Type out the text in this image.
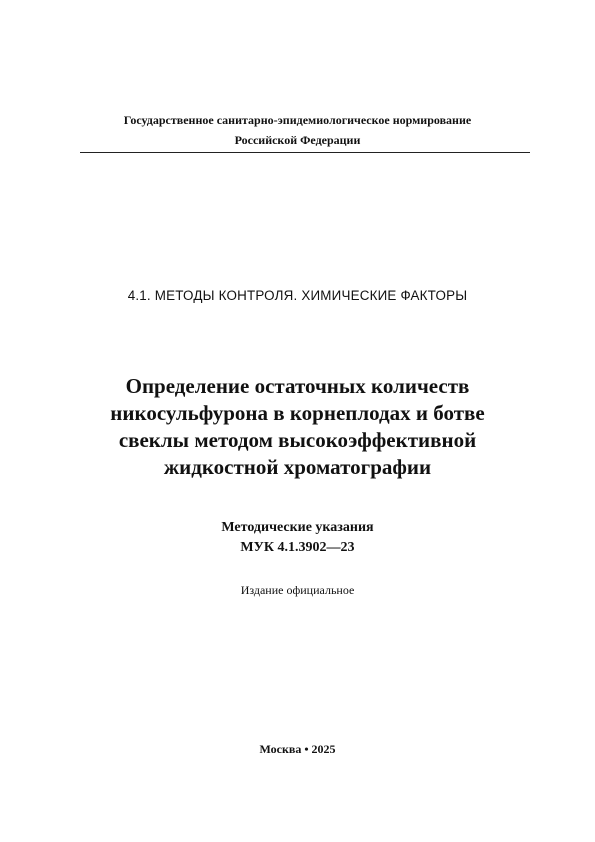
Государственное санитарно-эпидемиологическое нормирование
Российской Федерации
4.1. МЕТОДЫ КОНТРОЛЯ. ХИМИЧЕСКИЕ ФАКТОРЫ
Определение остаточных количеств
никосульфурона в корнеплодах и ботве
свеклы методом высокоэффективной
жидкостной хроматографии
Методические указания
МУК 4.1.3902—23
Издание официальное
Москва • 2025
